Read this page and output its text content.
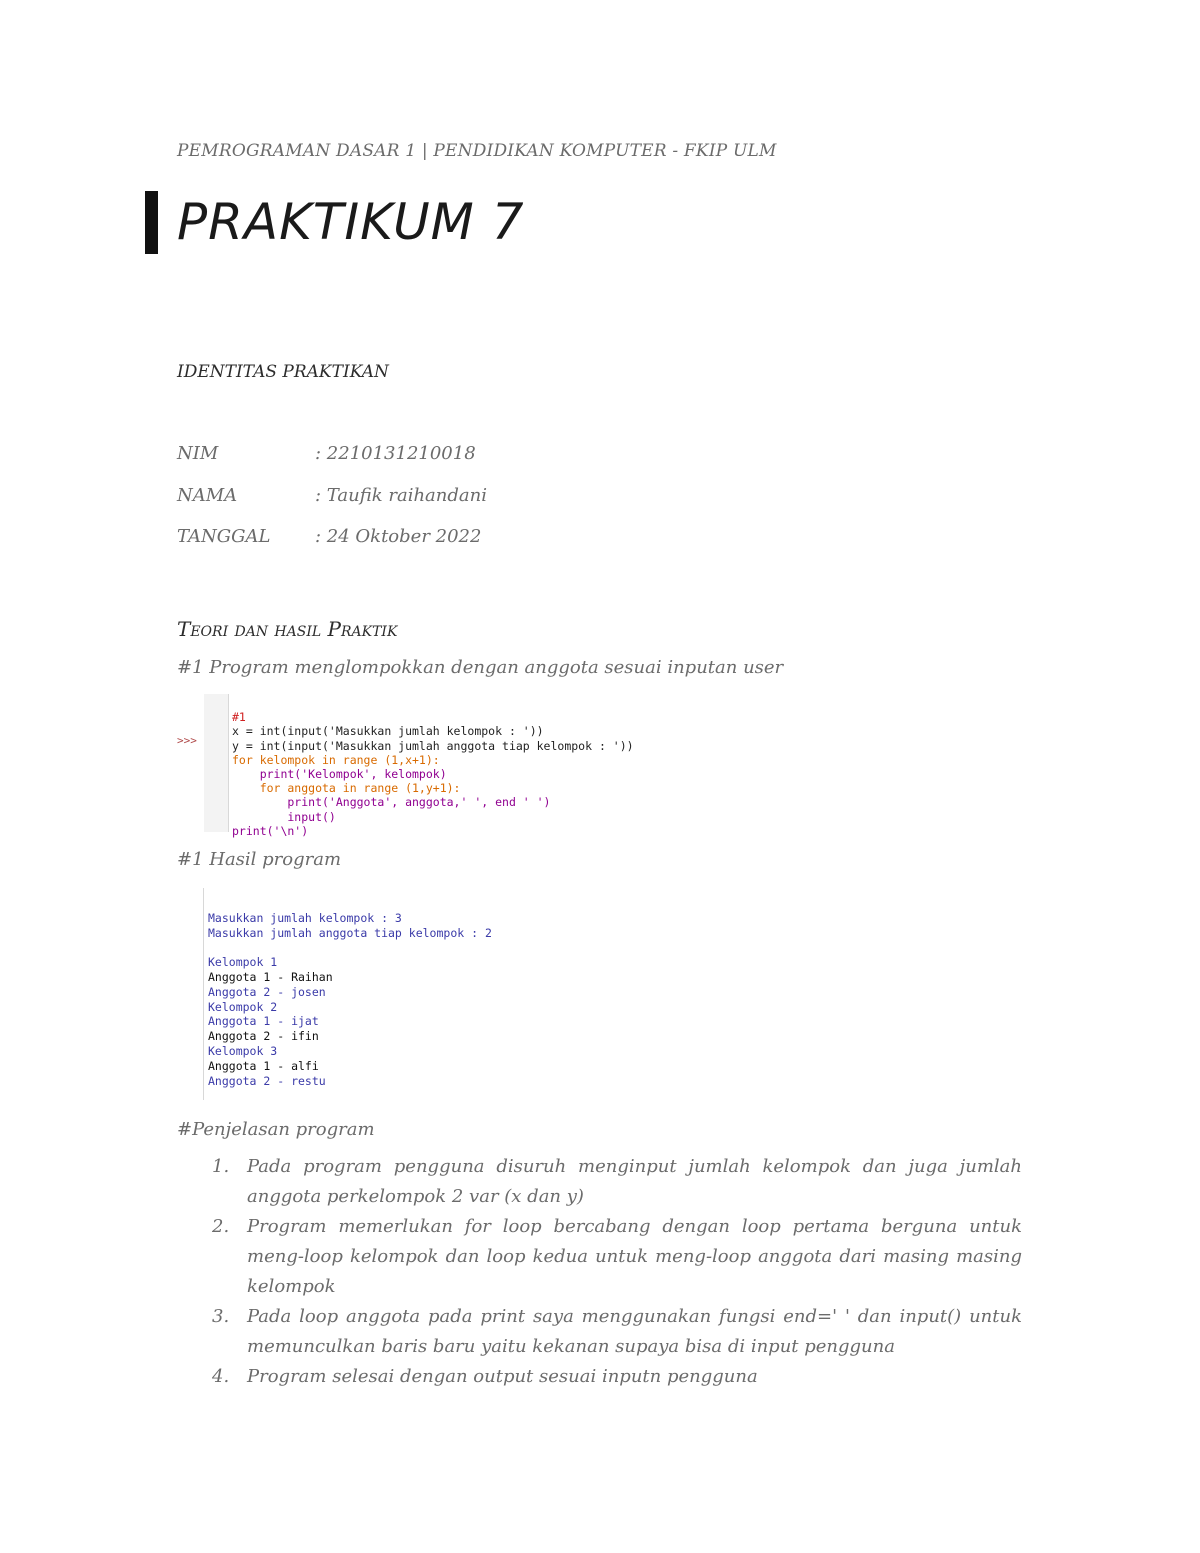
PEMROGRAMAN DASAR 1 | PENDIDIKAN KOMPUTER - FKIP ULM
PRAKTIKUM 7
IDENTITAS PRAKTIKAN
NIM	: 2210131210018
NAMA	: Taufik raihandani
TANGGAL : 24 Oktober 2022
Teori dan hasil Praktik
#1 Program menglompokkan dengan anggota sesuai inputan user
>>>

#1
x = int(input('Masukkan jumlah kelompok : '))
y = int(input('Masukkan jumlah anggota tiap kelompok : '))
for kelompok in range (1,x+1):
print('Kelompok', kelompok)
for anggota in range (1,y+1):
print('Anggota', anggota,' ', end ' ')
input()
print('\n')
#1 Hasil program

Masukkan jumlah kelompok : 3
Masukkan jumlah anggota tiap kelompok : 2

Kelompok 1
Anggota 1 - Raihan
Anggota 2 - josen
Kelompok 2
Anggota 1 - ijat
Anggota 2 - ifin
Kelompok 3
Anggota 1 - alfi
Anggota 2 - restu
#Penjelasan program
1. Pada program pengguna disuruh menginput jumlah kelompok dan juga jumlah anggota perkelompok 2 var (x dan y)
2. Program memerlukan for loop bercabang dengan loop pertama berguna untuk meng-loop kelompok dan loop kedua untuk meng-loop anggota dari masing masing kelompok
3. Pada loop anggota pada print saya menggunakan fungsi end=' ' dan input() untuk memunculkan baris baru yaitu kekanan supaya bisa di input pengguna
4. Program selesai dengan output sesuai inputn pengguna
